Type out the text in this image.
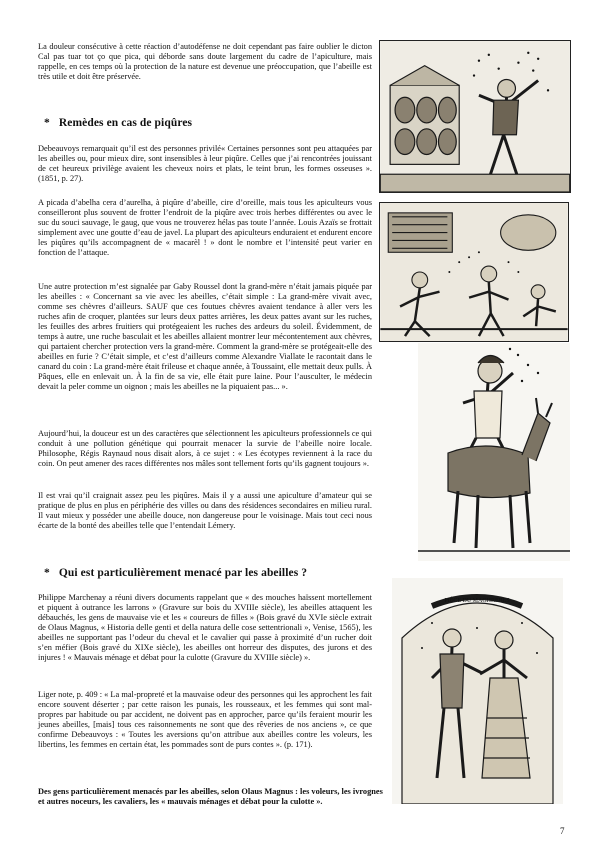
La douleur consécutive à cette réaction d’autodéfense ne doit cependant pas faire oublier le dicton Cal pas tuar tot ço que pica, qui déborde sans doute largement du cadre de l’apiculture, mais rappelle, en ces temps où la protection de la nature est devenue une préoccupation, que l’abeille est très utile et doit être préservée.
* Remèdes en cas de piqûres
Debeauvoys remarquait qu’il est des personnes privilé« Certaines personnes sont peu attaquées par les abeilles ou, pour mieux dire, sont insensibles à leur piqûre. Celles que j’ai rencontrées jouissant de cet heureux privilège avaient les cheveux noirs et plats, le teint brun, les formes osseuses ». (1851, p. 27).
A picada d’abelha cera d’aurelha, à piqûre d’abeille, cire d’oreille, mais tous les apiculteurs vous conseilleront plus souvent de frotter l’endroit de la piqûre avec trois herbes différentes ou avec le suc du souci sauvage, le gaug, que vous ne trouverez hélas pas toute l’année. Louis Azaïs se frottait simplement avec une goutte d’eau de javel. La plupart des apiculteurs enduraient et endurent encore les piqûres qu’ils accompagnent de « macarèl ! » dont le nombre et l’intensité peut varier en fonction de l’attaque.
Une autre protection m’est signalée par Gaby Roussel dont la grand-mère n’était jamais piquée par les abeilles : « Concernant sa vie avec les abeilles, c’était simple : La grand-mère vivait avec, comme ses chèvres d’ailleurs. SAUF que ces foutues chèvres avaient tendance à aller vers les ruches afin de croquer, plantées sur leurs deux pattes arrières, les deux pattes avant sur les ruches, les feuilles des arbres fruitiers qui protégeaient les ruches des ardeurs du soleil. Évidemment, de temps à autre, une ruche basculait et les abeilles allaient montrer leur mécontentement aux chèvres, qui partaient chercher protection vers la grand-mère. Comment la grand-mère se protégeait-elle des abeilles en furie ? C’était simple, et c’est d’ailleurs comme Alexandre Viallate le racontait dans le canard du coin : La grand-mère était frileuse et chaque année, à Toussaint, elle mettait deux pulls. À Pâques, elle en enlevait un. À la fin de sa vie, elle était pure laine. Pour l’ausculter, le médecin devait la peler comme un oignon ; mais les abeilles ne la piquaient pas... ».
Aujourd’hui, la douceur est un des caractères que sélectionnent les apiculteurs professionnels ce qui conduit à une pollution génétique qui pourrait menacer la survie de l’abeille noire locale. Philosophe, Régis Raynaud nous disait alors, à ce sujet : « Les écotypes reviennent à la race du coin. On peut amener des races différentes nos mâles sont tellement forts qu’ils gagnent toujours ».
Il est vrai qu’il craignait assez peu les piqûres. Mais il y a aussi une apiculture d’amateur qui se pratique de plus en plus en périphérie des villes ou dans des résidences secondaires en milieu rural. Il vaut mieux y posséder une abeille douce, non dangereuse pour le voisinage. Mais tout ceci nous écarte de la bonté des abeilles telle que l’entendait Lémery.
* Qui est particulièrement menacé par les abeilles ?
Philippe Marchenay a réuni divers documents rappelant que « des mouches haïssent mortellement et piquent à outrance les larrons » (Gravure sur bois du XVIIIe siècle), les abeilles attaquent les débauchés, les gens de mauvaise vie et les « coureurs de filles » (Bois gravé du XVIe siècle extrait de Olaus Magnus, « Historia delle genti et della natura delle cose settentrionali », Venise, 1565), les abeilles ne supportant pas l’odeur du cheval et le cavalier qui passe à proximité d’un rucher doit s’en méfier (Bois gravé du XIXe siècle), les abeilles ont horreur des disputes, des jurons et des injures ! « Mauvais ménage et débat pour la culotte (Gravure du XVIIIe siècle) ».
Liger note, p. 409 : « La mal-propreté et la mauvaise odeur des personnes qui les approchent les fait encore souvent déserter ; par cette raison les punais, les rousseaux, et les femmes qui sont mal-propres par habitude ou par accident, ne doivent pas en approcher, parce qu’ils feraient mourir les jeunes abeilles, [mais] tous ces raisonnements ne sont que des rêveries de nos anciens », ce que confirme Debeauvoys : « Toutes les aversions qu’on attribue aux abeilles contre les voleurs, les libertins, les femmes en certain état, les pommades sont de purs contes ». (p. 171).
Des gens particulièrement menacés par les abeilles, selon Olaus Magnus : les voleurs, les ivrognes et autres noceurs, les cavaliers, les « mauvais ménages et débat pour la culotte ».
7
PIÈCE DU MAGHREBES
